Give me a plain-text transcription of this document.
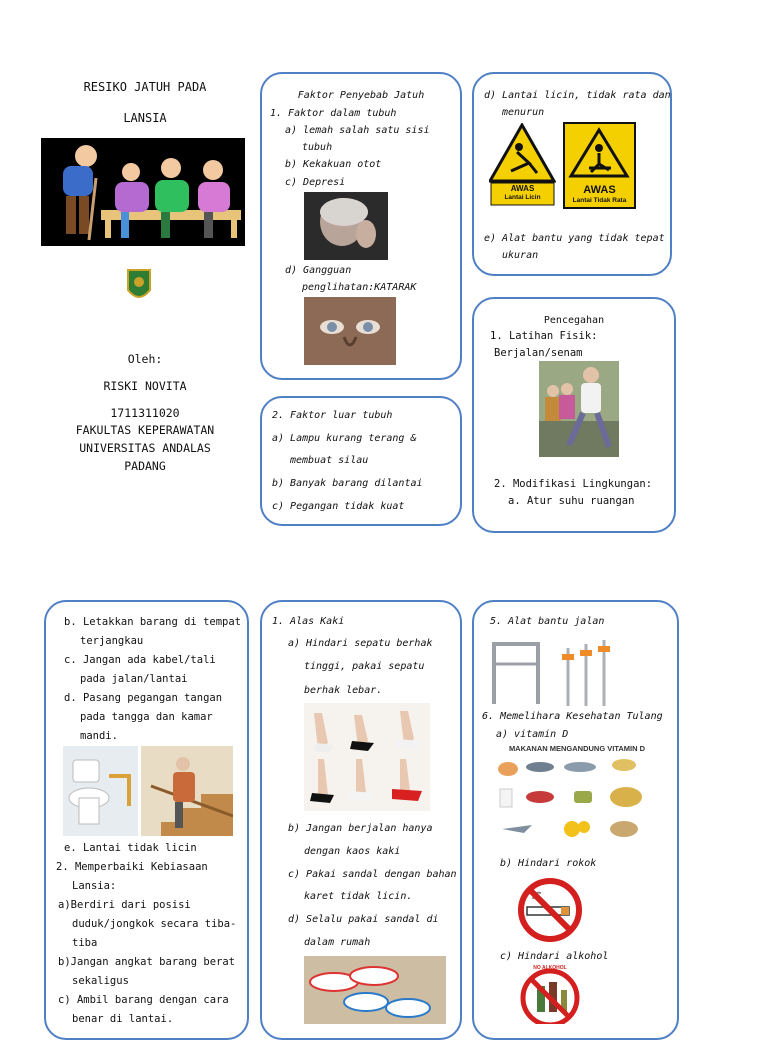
RESIKO JATUH PADA
LANSIA
Oleh:
RISKI NOVITA
1711311020
FAKULTAS KEPERAWATAN
UNIVERSITAS ANDALAS
PADANG
Faktor Penyebab Jatuh
1. Faktor dalam tubuh
a) lemah salah satu sisi
tubuh
b) Kekakuan otot
c) Depresi
d) Gangguan
penglihatan:KATARAK
d) Lantai licin, tidak rata dan
menurun
AWAS
Lantai Licin
AWAS
Lantai Tidak Rata
e) Alat bantu yang tidak tepat
ukuran
2. Faktor luar tubuh
a) Lampu kurang terang &
membuat silau
b) Banyak barang dilantai
c) Pegangan tidak kuat
Pencegahan
1. Latihan Fisik:
Berjalan/senam
2. Modifikasi Lingkungan:
a. Atur suhu ruangan
b. Letakkan barang di tempat
terjangkau
c. Jangan ada kabel/tali
pada jalan/lantai
d. Pasang pegangan tangan
pada tangga dan kamar
mandi.
e. Lantai tidak licin
2. Memperbaiki Kebiasaan
Lansia:
a)Berdiri dari posisi
duduk/jongkok secara tiba-
tiba
b)Jangan angkat barang berat
sekaligus
c) Ambil barang dengan cara
benar di lantai.
1. Alas Kaki
a) Hindari sepatu berhak
tinggi, pakai sepatu
berhak lebar.
b) Jangan berjalan hanya
dengan kaos kaki
c) Pakai sandal dengan bahan
karet tidak licin.
d) Selalu pakai sandal di
dalam rumah
5. Alat bantu jalan
6. Memelihara Kesehatan Tulang
a) vitamin D
MAKANAN MENGANDUNG VITAMIN D
b) Hindari rokok
c) Hindari alkohol
NO ALKOHOL
